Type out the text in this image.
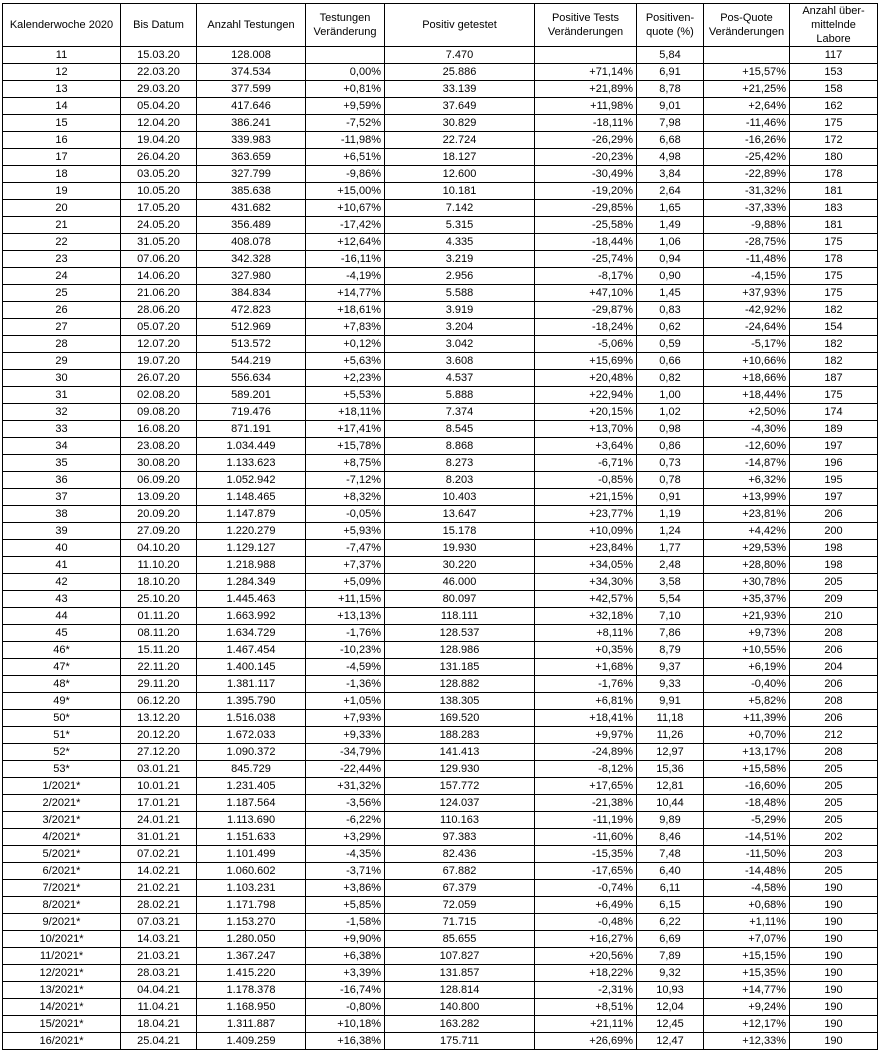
Kalenderwoche 2020	Bis Datum	Anzahl Testungen	Testungen Veränderung	Positiv getestet	Positive Tests Veränderungen	Positiven-quote (%)	Pos-Quote Veränderungen	Anzahl über-mittelnde Labore
11	15.03.20	128.008		7.470		5,84		117
12	22.03.20	374.534	0,00%	25.886	+71,14%	6,91	+15,57%	153
13	29.03.20	377.599	+0,81%	33.139	+21,89%	8,78	+21,25%	158
14	05.04.20	417.646	+9,59%	37.649	+11,98%	9,01	+2,64%	162
15	12.04.20	386.241	-7,52%	30.829	-18,11%	7,98	-11,46%	175
16	19.04.20	339.983	-11,98%	22.724	-26,29%	6,68	-16,26%	172
17	26.04.20	363.659	+6,51%	18.127	-20,23%	4,98	-25,42%	180
18	03.05.20	327.799	-9,86%	12.600	-30,49%	3,84	-22,89%	178
19	10.05.20	385.638	+15,00%	10.181	-19,20%	2,64	-31,32%	181
20	17.05.20	431.682	+10,67%	7.142	-29,85%	1,65	-37,33%	183
21	24.05.20	356.489	-17,42%	5.315	-25,58%	1,49	-9,88%	181
22	31.05.20	408.078	+12,64%	4.335	-18,44%	1,06	-28,75%	175
23	07.06.20	342.328	-16,11%	3.219	-25,74%	0,94	-11,48%	178
24	14.06.20	327.980	-4,19%	2.956	-8,17%	0,90	-4,15%	175
25	21.06.20	384.834	+14,77%	5.588	+47,10%	1,45	+37,93%	175
26	28.06.20	472.823	+18,61%	3.919	-29,87%	0,83	-42,92%	182
27	05.07.20	512.969	+7,83%	3.204	-18,24%	0,62	-24,64%	154
28	12.07.20	513.572	+0,12%	3.042	-5,06%	0,59	-5,17%	182
29	19.07.20	544.219	+5,63%	3.608	+15,69%	0,66	+10,66%	182
30	26.07.20	556.634	+2,23%	4.537	+20,48%	0,82	+18,66%	187
31	02.08.20	589.201	+5,53%	5.888	+22,94%	1,00	+18,44%	175
32	09.08.20	719.476	+18,11%	7.374	+20,15%	1,02	+2,50%	174
33	16.08.20	871.191	+17,41%	8.545	+13,70%	0,98	-4,30%	189
34	23.08.20	1.034.449	+15,78%	8.868	+3,64%	0,86	-12,60%	197
35	30.08.20	1.133.623	+8,75%	8.273	-6,71%	0,73	-14,87%	196
36	06.09.20	1.052.942	-7,12%	8.203	-0,85%	0,78	+6,32%	195
37	13.09.20	1.148.465	+8,32%	10.403	+21,15%	0,91	+13,99%	197
38	20.09.20	1.147.879	-0,05%	13.647	+23,77%	1,19	+23,81%	206
39	27.09.20	1.220.279	+5,93%	15.178	+10,09%	1,24	+4,42%	200
40	04.10.20	1.129.127	-7,47%	19.930	+23,84%	1,77	+29,53%	198
41	11.10.20	1.218.988	+7,37%	30.220	+34,05%	2,48	+28,80%	198
42	18.10.20	1.284.349	+5,09%	46.000	+34,30%	3,58	+30,78%	205
43	25.10.20	1.445.463	+11,15%	80.097	+42,57%	5,54	+35,37%	209
44	01.11.20	1.663.992	+13,13%	118.111	+32,18%	7,10	+21,93%	210
45	08.11.20	1.634.729	-1,76%	128.537	+8,11%	7,86	+9,73%	208
46*	15.11.20	1.467.454	-10,23%	128.986	+0,35%	8,79	+10,55%	206
47*	22.11.20	1.400.145	-4,59%	131.185	+1,68%	9,37	+6,19%	204
48*	29.11.20	1.381.117	-1,36%	128.882	-1,76%	9,33	-0,40%	206
49*	06.12.20	1.395.790	+1,05%	138.305	+6,81%	9,91	+5,82%	208
50*	13.12.20	1.516.038	+7,93%	169.520	+18,41%	11,18	+11,39%	206
51*	20.12.20	1.672.033	+9,33%	188.283	+9,97%	11,26	+0,70%	212
52*	27.12.20	1.090.372	-34,79%	141.413	-24,89%	12,97	+13,17%	208
53*	03.01.21	845.729	-22,44%	129.930	-8,12%	15,36	+15,58%	205
1/2021*	10.01.21	1.231.405	+31,32%	157.772	+17,65%	12,81	-16,60%	205
2/2021*	17.01.21	1.187.564	-3,56%	124.037	-21,38%	10,44	-18,48%	205
3/2021*	24.01.21	1.113.690	-6,22%	110.163	-11,19%	9,89	-5,29%	205
4/2021*	31.01.21	1.151.633	+3,29%	97.383	-11,60%	8,46	-14,51%	202
5/2021*	07.02.21	1.101.499	-4,35%	82.436	-15,35%	7,48	-11,50%	203
6/2021*	14.02.21	1.060.602	-3,71%	67.882	-17,65%	6,40	-14,48%	205
7/2021*	21.02.21	1.103.231	+3,86%	67.379	-0,74%	6,11	-4,58%	190
8/2021*	28.02.21	1.171.798	+5,85%	72.059	+6,49%	6,15	+0,68%	190
9/2021*	07.03.21	1.153.270	-1,58%	71.715	-0,48%	6,22	+1,11%	190
10/2021*	14.03.21	1.280.050	+9,90%	85.655	+16,27%	6,69	+7,07%	190
11/2021*	21.03.21	1.367.247	+6,38%	107.827	+20,56%	7,89	+15,15%	190
12/2021*	28.03.21	1.415.220	+3,39%	131.857	+18,22%	9,32	+15,35%	190
13/2021*	04.04.21	1.178.378	-16,74%	128.814	-2,31%	10,93	+14,77%	190
14/2021*	11.04.21	1.168.950	-0,80%	140.800	+8,51%	12,04	+9,24%	190
15/2021*	18.04.21	1.311.887	+10,18%	163.282	+21,11%	12,45	+12,17%	190
16/2021*	25.04.21	1.409.259	+16,38%	175.711	+26,69%	12,47	+12,33%	190
